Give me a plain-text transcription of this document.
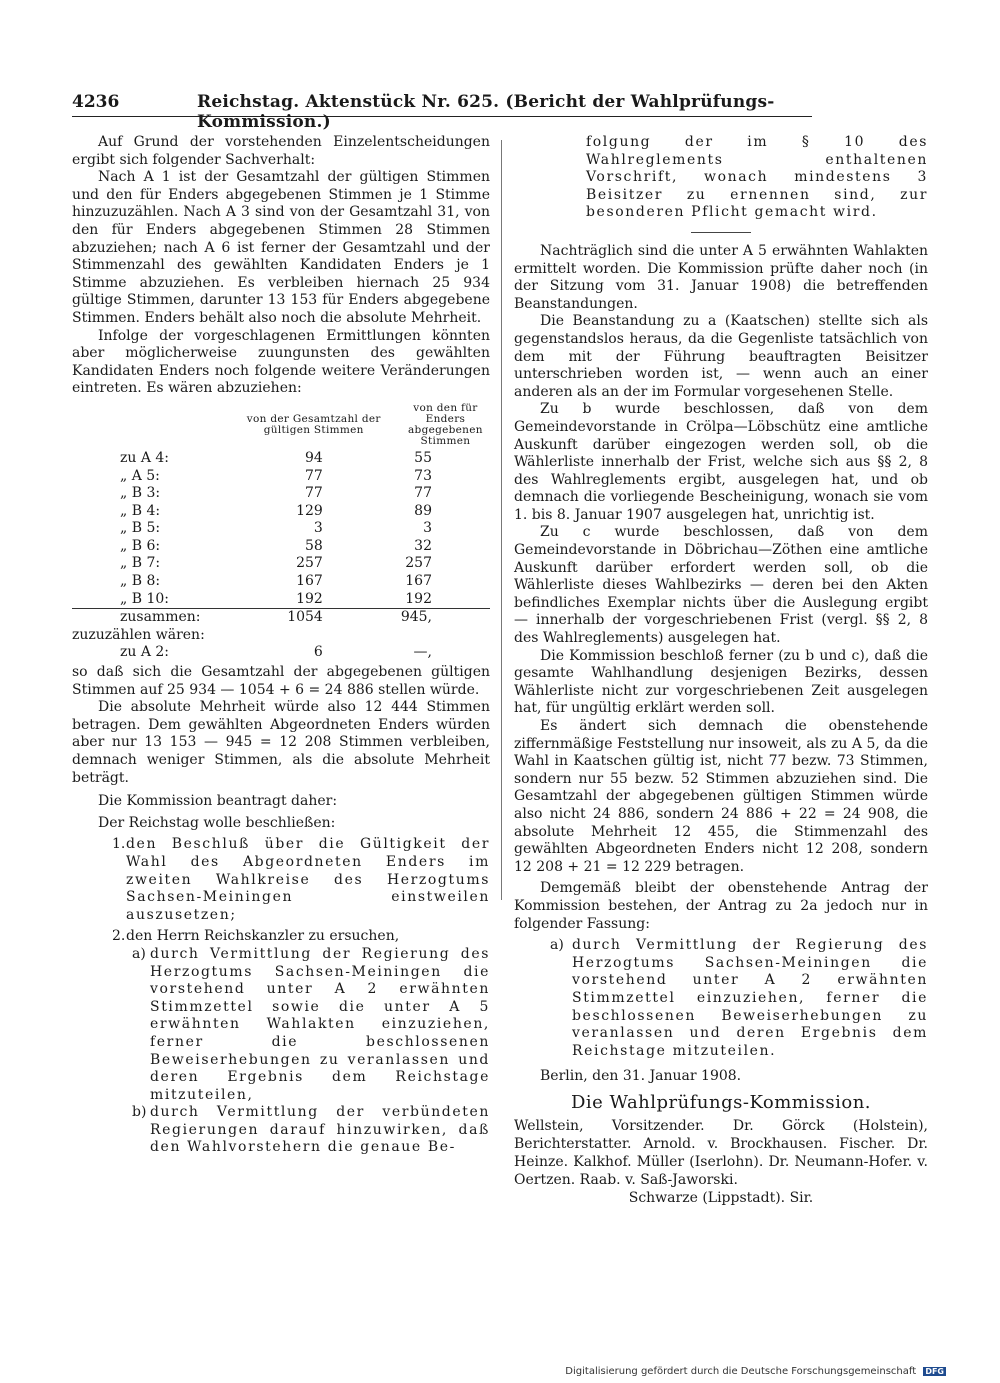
4236	Reichstag. Aktenstück Nr. 625. (Bericht der Wahlprüfungs-Kommission.)

Auf Grund der vorstehenden Einzelentscheidungen ergibt sich folgender Sachverhalt:

Nach A 1 ist der Gesamtzahl der gültigen Stimmen und den für Enders abgegebenen Stimmen je 1 Stimme hinzuzuzählen. Nach A 3 sind von der Gesamtzahl 31, von den für Enders abgegebenen Stimmen 28 Stimmen abzuziehen; nach A 6 ist ferner der Gesamtzahl und der Stimmenzahl des gewählten Kandidaten Enders je 1 Stimme abzuziehen. Es verbleiben hiernach 25 934 gültige Stimmen, darunter 13 153 für Enders abgegebene Stimmen. Enders behält also noch die absolute Mehrheit.

Infolge der vorgeschlagenen Ermittlungen könnten aber möglicherweise zuungunsten des gewählten Kandidaten Enders noch folgende weitere Veränderungen eintreten. Es wären abzuziehen:

	von der Gesamtzahl der gültigen Stimmen	von den für Enders abgegebenen Stimmen
zu A 4:	94	55
„ A 5:	77	73
„ B 3:	77	77
„ B 4:	129	89
„ B 5:	3	3
„ B 6:	58	32
„ B 7:	257	257
„ B 8:	167	167
„ B 10:	192	192
zusammen:	1054	945,
zuzuzählen wären:		
zu A 2:	6	—,

so daß sich die Gesamtzahl der abgegebenen gültigen Stimmen auf 25 934 — 1054 + 6 = 24 886 stellen würde.

Die absolute Mehrheit würde also 12 444 Stimmen betragen. Dem gewählten Abgeordneten Enders würden aber nur 13 153 — 945 = 12 208 Stimmen verbleiben, demnach weniger Stimmen, als die absolute Mehrheit beträgt.

Die Kommission beantragt daher:

Der Reichstag wolle beschließen:

1. den Beschluß über die Gültigkeit der Wahl des Abgeordneten Enders im zweiten Wahlkreise des Herzogtums Sachsen-Meiningen einstweilen auszusetzen;
2. den Herrn Reichskanzler zu ersuchen,
a) durch Vermittlung der Regierung des Herzogtums Sachsen-Meiningen die vorstehend unter A 2 erwähnten Stimmzettel sowie die unter A 5 erwähnten Wahlakten einzuziehen, ferner die beschlossenen Beweiserhebungen zu veranlassen und deren Ergebnis dem Reichstage mitzuteilen,
b) durch Vermittlung der verbündeten Regierungen darauf hinzuwirken, daß den Wahlvorstehern die genaue Be-

folgung der im § 10 des Wahlreglements enthaltenen Vorschrift, wonach mindestens 3 Beisitzer zu ernennen sind, zur besonderen Pflicht gemacht wird.

Nachträglich sind die unter A 5 erwähnten Wahlakten ermittelt worden. Die Kommission prüfte daher noch (in der Sitzung vom 31. Januar 1908) die betreffenden Beanstandungen.

Die Beanstandung zu a (Kaatschen) stellte sich als gegenstandslos heraus, da die Gegenliste tatsächlich von dem mit der Führung beauftragten Beisitzer unterschrieben worden ist, — wenn auch an einer anderen als an der im Formular vorgesehenen Stelle.

Zu b wurde beschlossen, daß von dem Gemeindevorstande in Crölpa—Löbschütz eine amtliche Auskunft darüber eingezogen werden soll, ob die Wählerliste innerhalb der Frist, welche sich aus §§ 2, 8 des Wahlreglements ergibt, ausgelegen hat, und ob demnach die vorliegende Bescheinigung, wonach sie vom 1. bis 8. Januar 1907 ausgelegen hat, unrichtig ist.

Zu c wurde beschlossen, daß von dem Gemeindevorstande in Döbrichau—Zöthen eine amtliche Auskunft darüber erfordert werden soll, ob die Wählerliste dieses Wahlbezirks — deren bei den Akten befindliches Exemplar nichts über die Auslegung ergibt — innerhalb der vorgeschriebenen Frist (vergl. §§ 2, 8 des Wahlreglements) ausgelegen hat.

Die Kommission beschloß ferner (zu b und c), daß die gesamte Wahlhandlung desjenigen Bezirks, dessen Wählerliste nicht zur vorgeschriebenen Zeit ausgelegen hat, für ungültig erklärt werden soll.

Es ändert sich demnach die obenstehende ziffernmäßige Feststellung nur insoweit, als zu A 5, da die Wahl in Kaatschen gültig ist, nicht 77 bezw. 73 Stimmen, sondern nur 55 bezw. 52 Stimmen abzuziehen sind. Die Gesamtzahl der abgegebenen gültigen Stimmen würde also nicht 24 886, sondern 24 886 + 22 = 24 908, die absolute Mehrheit 12 455, die Stimmenzahl des gewählten Abgeordneten Enders nicht 12 208, sondern 12 208 + 21 = 12 229 betragen.

Demgemäß bleibt der obenstehende Antrag der Kommission bestehen, der Antrag zu 2a jedoch nur in folgender Fassung:

a) durch Vermittlung der Regierung des Herzogtums Sachsen-Meiningen die vorstehend unter A 2 erwähnten Stimmzettel einzuziehen, ferner die beschlossenen Beweiserhebungen zu veranlassen und deren Ergebnis dem Reichstage mitzuteilen.

Berlin, den 31. Januar 1908.

Die Wahlprüfungs-Kommission.

Wellstein, Vorsitzender. Dr. Görck (Holstein), Berichterstatter. Arnold. v. Brockhausen. Fischer. Dr. Heinze. Kalkhof. Müller (Iserlohn). Dr. Neumann-Hofer. v. Oertzen. Raab. v. Saß-Jaworski.

Schwarze (Lippstadt). Sir.

Digitalisierung gefördert durch die Deutsche Forschungsgemeinschaft DFG
